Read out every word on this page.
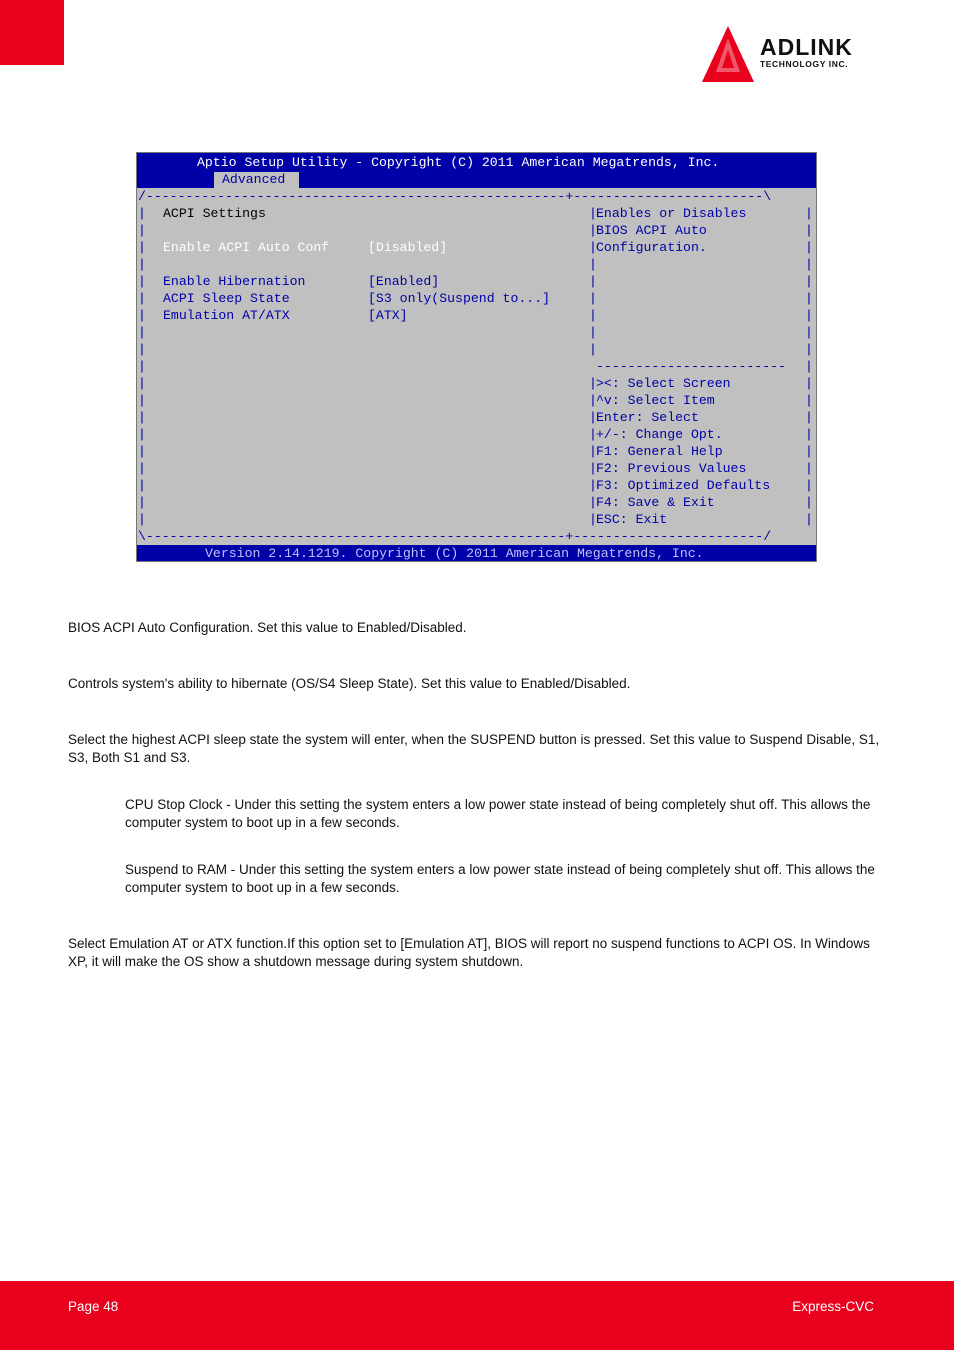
ADLINK
TECHNOLOGY INC.
Aptio Setup Utility - Copyright (C) 2011 American Megatrends, Inc.
Advanced
/-----------------------------------------------------+------------------------\
ACPI Settings
Enable ACPI Auto Conf	[Disabled]
Enable Hibernation	[Enabled]
ACPI Sleep State	[S3 only(Suspend to...]
Emulation AT/ATX	[ATX]
Enables or Disables
BIOS ACPI Auto
Configuration.
------------------------
><: Select Screen
^v: Select Item
Enter: Select
+/-: Change Opt.
F1: General Help
F2: Previous Values
F3: Optimized Defaults
F4: Save & Exit
ESC: Exit
\-----------------------------------------------------+------------------------/
Version 2.14.1219. Copyright (C) 2011 American Megatrends, Inc.
|	|	|
|	|	|
|	|	|
|	|	|
|	|	|
|	|	|
|	|	|
|	|	|
|	|	|
|	|
|	|	|
|	|	|
|	|	|
|	|	|
|	|	|
|	|	|
|	|	|
|	|	|
|	|	|
BIOS ACPI Auto Configuration. Set this value to Enabled/Disabled.
Controls system's ability to hibernate (OS/S4 Sleep State). Set this value to Enabled/Disabled.
Select the highest ACPI sleep state the system will enter, when the SUSPEND button is pressed. Set this value to Suspend Disable, S1, S3, Both S1 and S3.
CPU Stop Clock - Under this setting the system enters a low power state instead of being completely shut off. This allows the computer system to boot up in a few seconds.
Suspend to RAM - Under this setting the system enters a low power state instead of being completely shut off. This allows the computer system to boot up in a few seconds.
Select Emulation AT or ATX function.If this option set to [Emulation AT], BIOS will report no suspend functions to ACPI OS. In Windows XP, it will make the OS show a shutdown message during system shutdown.
Page 48	Express-CVC
